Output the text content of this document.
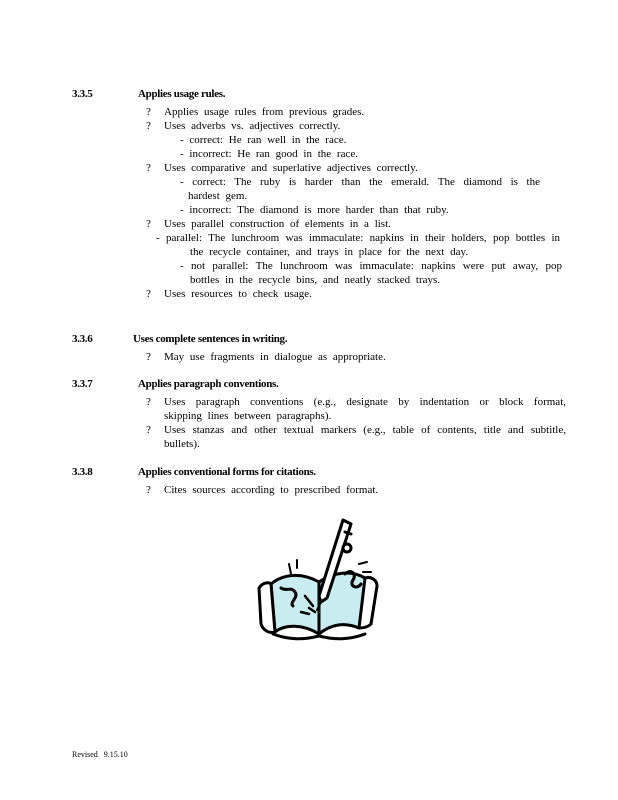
3.3.5	Applies usage rules.
?	Applies usage rules from previous grades.
?	Uses adverbs vs. adjectives correctly.
- correct: He ran well in the race.
- incorrect: He ran good in the race.
?	Uses comparative and superlative adjectives correctly.
- correct: The ruby is harder than the emerald. The diamond is the hardest gem.
- incorrect: The diamond is more harder than that ruby.
?	Uses parallel construction of elements in a list.
- parallel: The lunchroom was immaculate: napkins in their holders, pop bottles in the recycle container, and trays in place for the next day.
- not parallel: The lunchroom was immaculate: napkins were put away, pop bottles in the recycle bins, and neatly stacked trays.
?	Uses resources to check usage.
3.3.6	Uses complete sentences in writing.
?	May use fragments in dialogue as appropriate.
3.3.7	Applies paragraph conventions.
?	Uses paragraph conventions (e.g., designate by indentation or block format, skipping lines between paragraphs).
?	Uses stanzas and other textual markers (e.g., table of contents, title and subtitle, bullets).
3.3.8	Applies conventional forms for citations.
?	Cites sources according to prescribed format.
Revised 9.15.10
